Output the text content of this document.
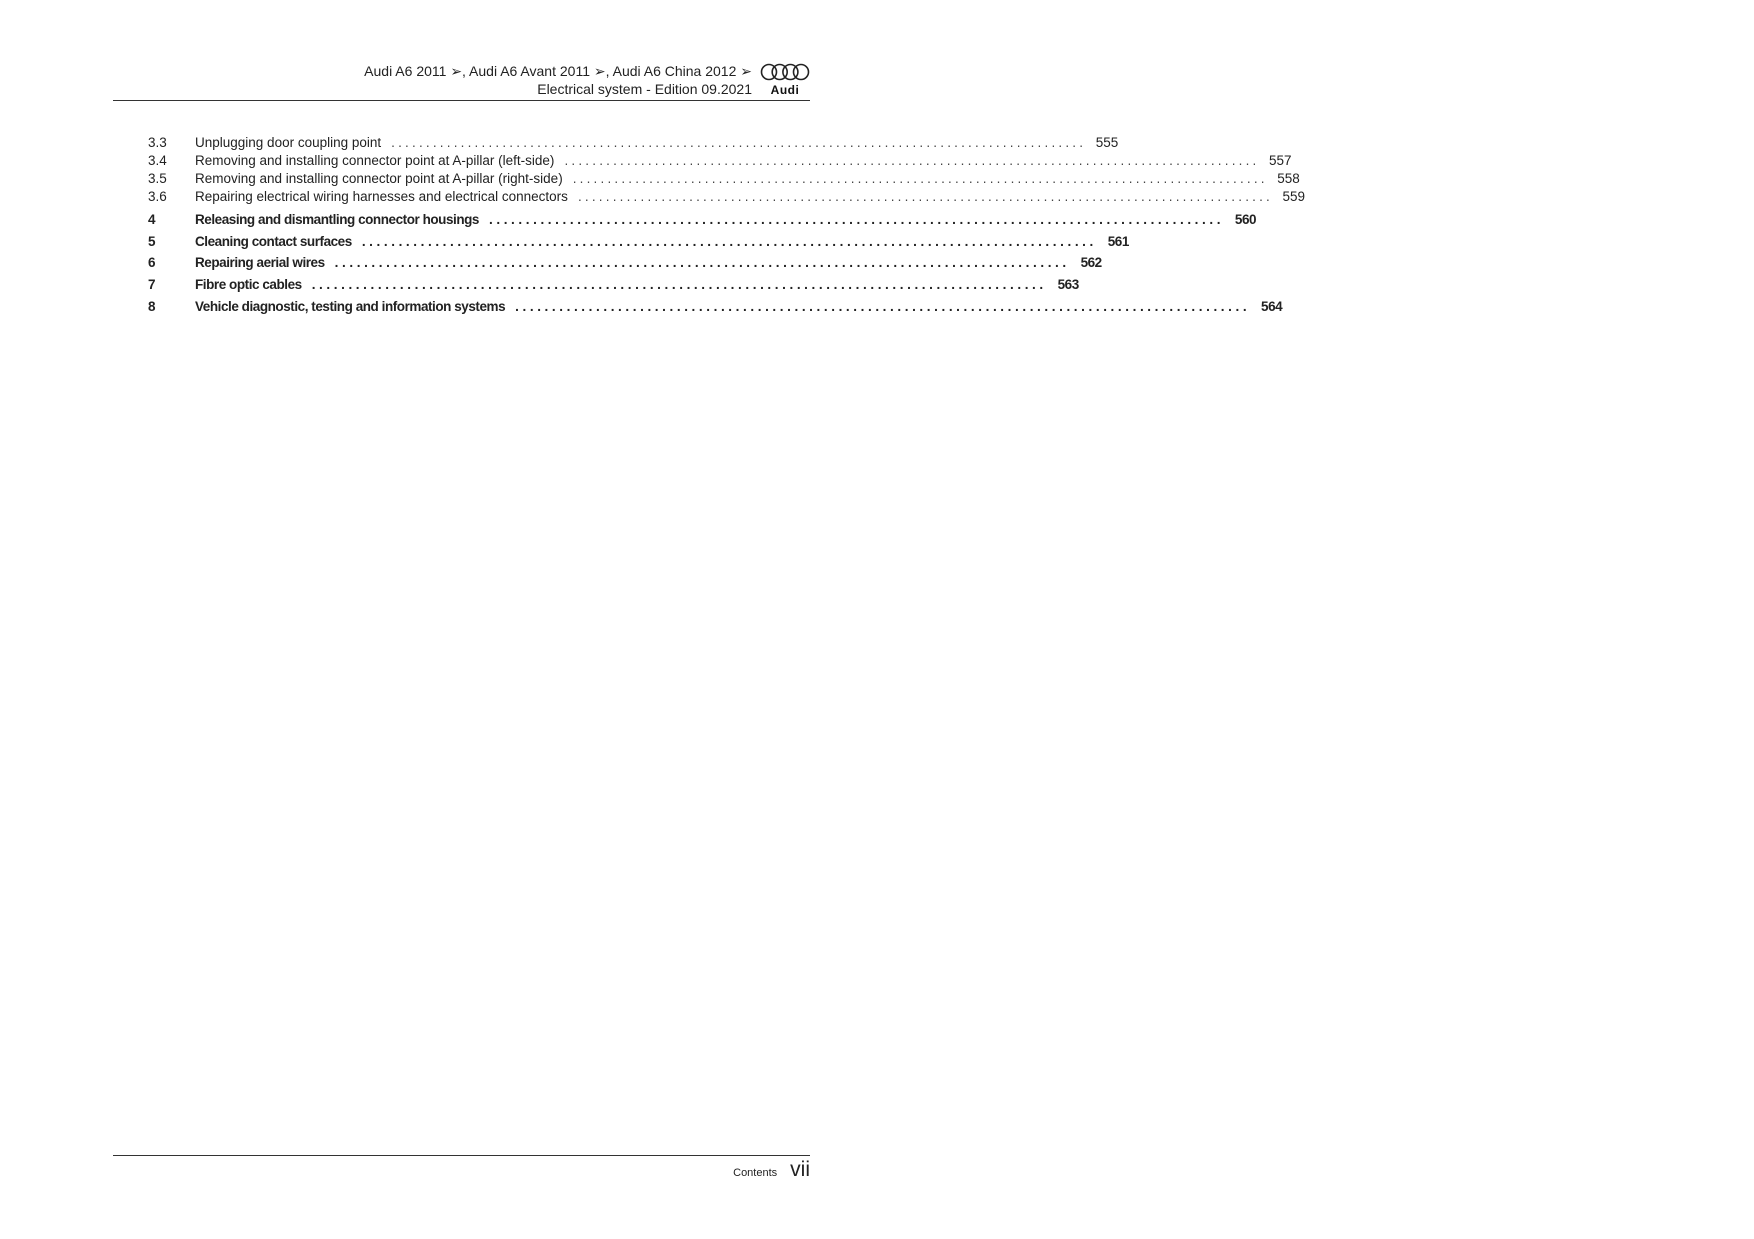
Audi A6 2011 ➢, Audi A6 Avant 2011 ➢, Audi A6 China 2012 ➢
Electrical system - Edition 09.2021	Audi
3.3	Unplugging door coupling point .................................................................................................... 555
3.4	Removing and installing connector point at A-pillar (left-side) .................................................................................................... 557
3.5	Removing and installing connector point at A-pillar (right-side) .................................................................................................... 558
3.6	Repairing electrical wiring harnesses and electrical connectors .................................................................................................... 559
4	Releasing and dismantling connector housings .................................................................................................... 560
5	Cleaning contact surfaces .................................................................................................... 561
6	Repairing aerial wires .................................................................................................... 562
7	Fibre optic cables .................................................................................................... 563
8	Vehicle diagnostic, testing and information systems .................................................................................................... 564
Contents vii
